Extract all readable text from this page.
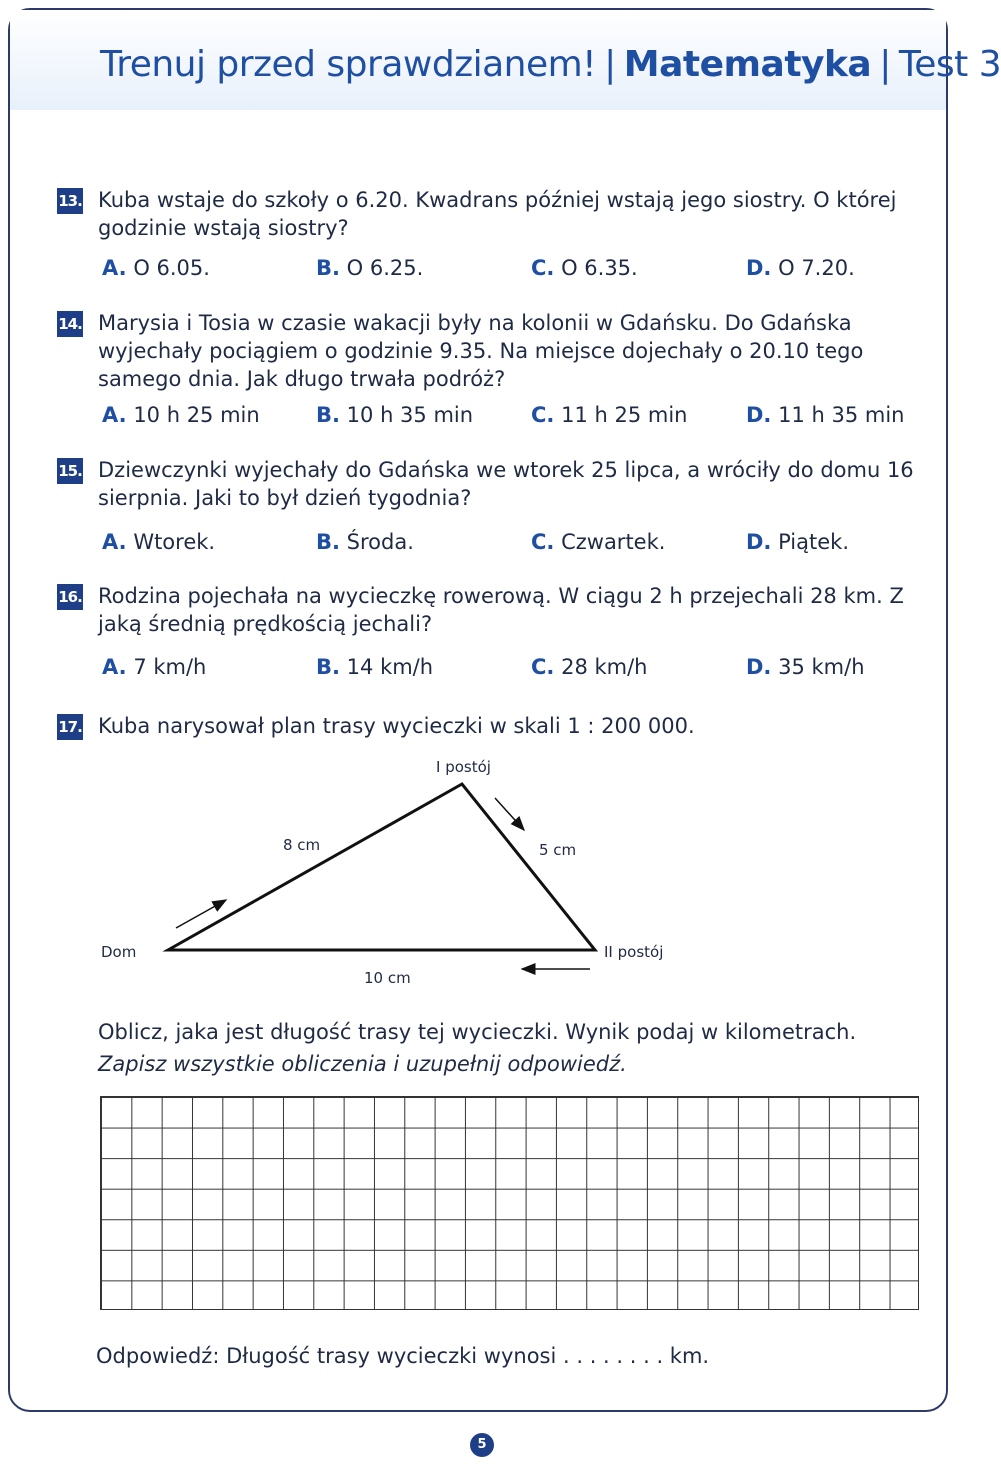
Trenuj przed sprawdzianem! | Matematyka | Test 3
13. Kuba wstaje do szkoły o 6.20. Kwadrans później wstają jego siostry. O której godzinie wstają siostry?
A. O 6.05.	B. O 6.25.	C. O 6.35.	D. O 7.20.
14. Marysia i Tosia w czasie wakacji były na kolonii w Gdańsku. Do Gdańska wyjechały pociągiem o godzinie 9.35. Na miejsce dojechały o 20.10 tego samego dnia. Jak długo trwała podróż?
A. 10 h 25 min	B. 10 h 35 min	C. 11 h 25 min	D. 11 h 35 min
15. Dziewczynki wyjechały do Gdańska we wtorek 25 lipca, a wróciły do domu 16 sierpnia. Jaki to był dzień tygodnia?
A. Wtorek.	B. Środa.	C. Czwartek.	D. Piątek.
16. Rodzina pojechała na wycieczkę rowerową. W ciągu 2 h przejechali 28 km. Z jaką średnią prędkością jechali?
A. 7 km/h	B. 14 km/h	C. 28 km/h	D. 35 km/h
17. Kuba narysował plan trasy wycieczki w skali 1 : 200 000.
I postój
Dom	II postój
8 cm	5 cm
10 cm
Oblicz, jaka jest długość trasy tej wycieczki. Wynik podaj w kilometrach.
Zapisz wszystkie obliczenia i uzupełnij odpowiedź.
Odpowiedź: Długość trasy wycieczki wynosi . . . . . . . . km.
5
